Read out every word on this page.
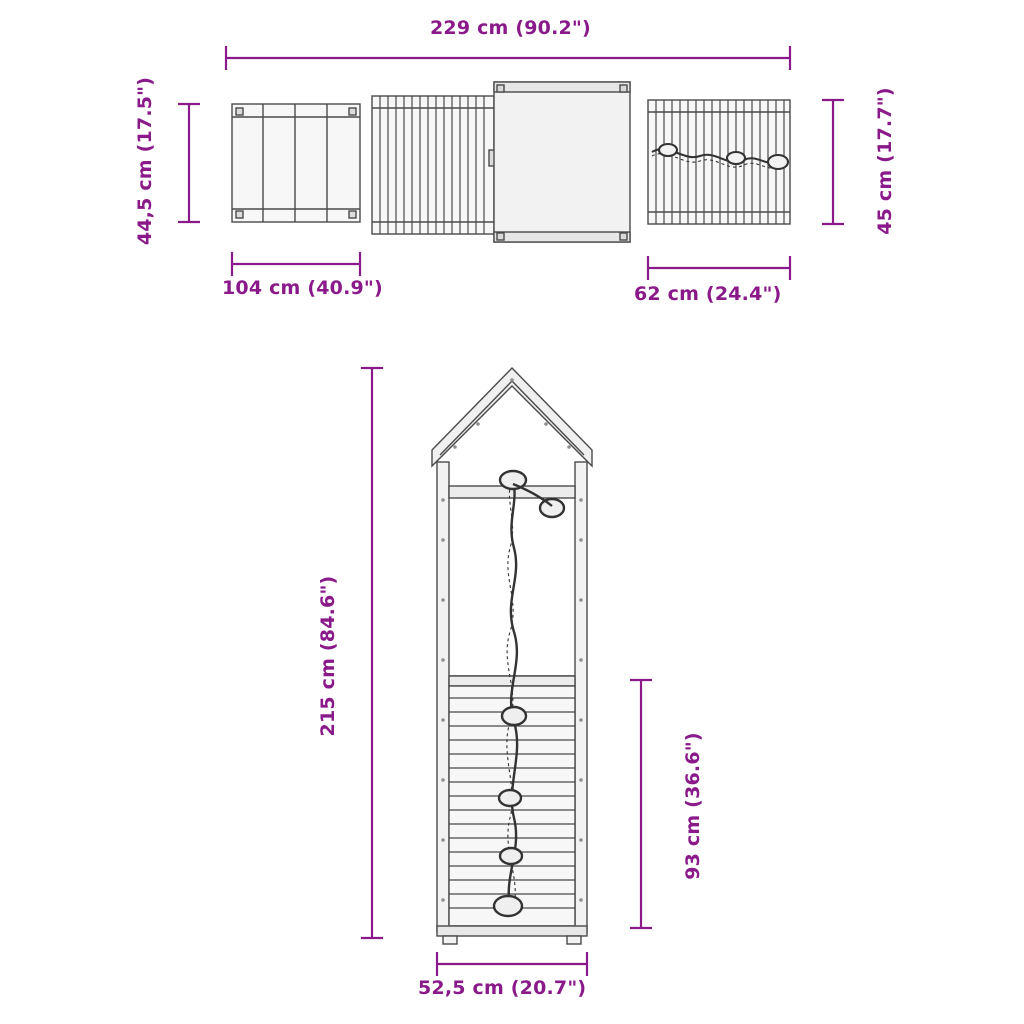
229 cm (90.2")
44,5 cm (17.5")	45 cm (17.7")
104 cm (40.9")	62 cm (24.4")
215 cm (84.6")
93 cm (36.6")
52,5 cm (20.7")
